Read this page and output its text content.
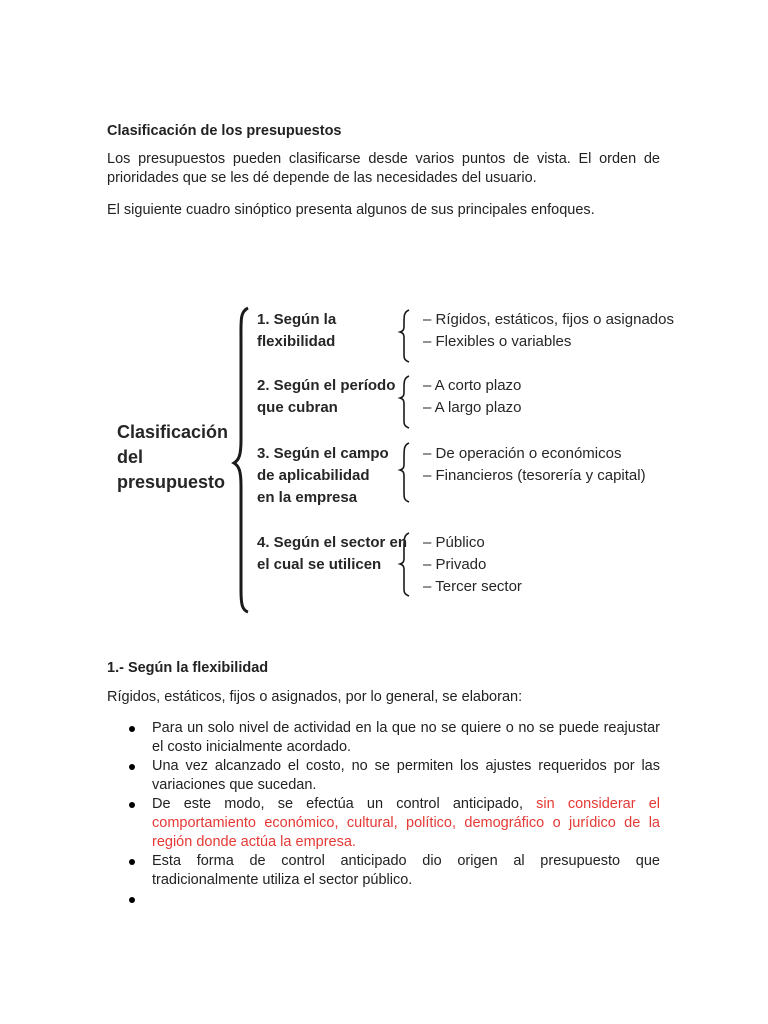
Clasificación de los presupuestos
Los presupuestos pueden clasificarse desde varios puntos de vista. El orden de prioridades que se les dé depende de las necesidades del usuario.
El siguiente cuadro sinóptico presenta algunos de sus principales enfoques.
Clasificación
del
presupuesto
1. Según la
flexibilidad
– Rígidos, estáticos, fijos o asignados
– Flexibles o variables
2. Según el período
que cubran
– A corto plazo
– A largo plazo
3. Según el campo
de aplicabilidad
en la empresa
– De operación o económicos
– Financieros (tesorería y capital)
4. Según el sector en
el cual se utilicen
– Público
– Privado
– Tercer sector
1.- Según la flexibilidad
Rígidos, estáticos, fijos o asignados, por lo general, se elaboran:
Para un solo nivel de actividad en la que no se quiere o no se puede reajustar el costo inicialmente acordado.
Una vez alcanzado el costo, no se permiten los ajustes requeridos por las variaciones que sucedan.
De este modo, se efectúa un control anticipado, sin considerar el comportamiento económico, cultural, político, demográfico o jurídico de la región donde actúa la empresa.
Esta forma de control anticipado dio origen al presupuesto que tradicionalmente utiliza el sector público.
